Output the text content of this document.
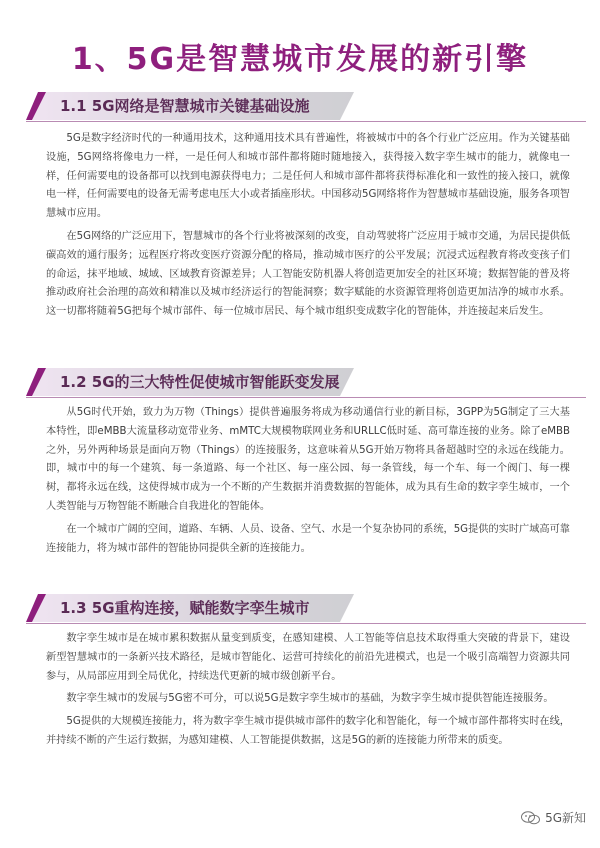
1、5G是智慧城市发展的新引擎
1.1 5G网络是智慧城市关键基础设施

5G是数字经济时代的一种通用技术，这种通用技术具有普遍性，将被城市中的各个行业广泛应用。作为关键基础设施，5G网络将像电力一样，一是任何人和城市部件都将随时随地接入，获得接入数字孪生城市的能力，就像电一样，任何需要电的设备都可以找到电源获得电力；二是任何人和城市部件都将获得标准化和一致性的接入接口，就像电一样，任何需要电的设备无需考虑电压大小或者插座形状。中国移动5G网络将作为智慧城市基础设施，服务各项智慧城市应用。

在5G网络的广泛应用下，智慧城市的各个行业将被深刻的改变，自动驾驶将广泛应用于城市交通，为居民提供低碳高效的通行服务；远程医疗将改变医疗资源分配的格局，推动城市医疗的公平发展；沉浸式远程教育将改变孩子们的命运，抹平地域、城域、区域教育资源差异；人工智能安防机器人将创造更加安全的社区环境；数据智能的普及将推动政府社会治理的高效和精准以及城市经济运行的智能洞察；数字赋能的水资源管理将创造更加洁净的城市水系。这一切都将随着5G把每个城市部件、每一位城市居民、每个城市组织变成数字化的智能体，并连接起来后发生。

1.2 5G的三大特性促使城市智能跃变发展

从5G时代开始，致力为万物（Things）提供普遍服务将成为移动通信行业的新目标，3GPP为5G制定了三大基本特性，即eMBB大流量移动宽带业务、mMTC大规模物联网业务和URLLC低时延、高可靠连接的业务。除了eMBB之外，另外两种场景是面向万物（Things）的连接服务，这意味着从5G开始万物将具备超越时空的永远在线能力。即，城市中的每一个建筑、每一条道路、每一个社区、每一座公园、每一条管线，每一个车、每一个阀门、每一棵树，都将永远在线，这使得城市成为一个不断的产生数据并消费数据的智能体，成为具有生命的数字孪生城市，一个人类智能与万物智能不断融合自我进化的智能体。

在一个城市广阔的空间，道路、车辆、人员、设备、空气、水是一个复杂协同的系统，5G提供的实时广域高可靠连接能力，将为城市部件的智能协同提供全新的连接能力。

1.3 5G重构连接，赋能数字孪生城市

数字孪生城市是在城市累积数据从量变到质变，在感知建模、人工智能等信息技术取得重大突破的背景下，建设新型智慧城市的一条新兴技术路径，是城市智能化、运营可持续化的前沿先进模式，也是一个吸引高端智力资源共同参与，从局部应用到全局优化，持续迭代更新的城市级创新平台。

数字孪生城市的发展与5G密不可分，可以说5G是数字孪生城市的基础，为数字孪生城市提供智能连接服务。

5G提供的大规模连接能力，将为数字孪生城市提供城市部件的数字化和智能化，每一个城市部件都将实时在线，并持续不断的产生运行数据，为感知建模、人工智能提供数据，这是5G的新的连接能力所带来的质变。

5G新知
